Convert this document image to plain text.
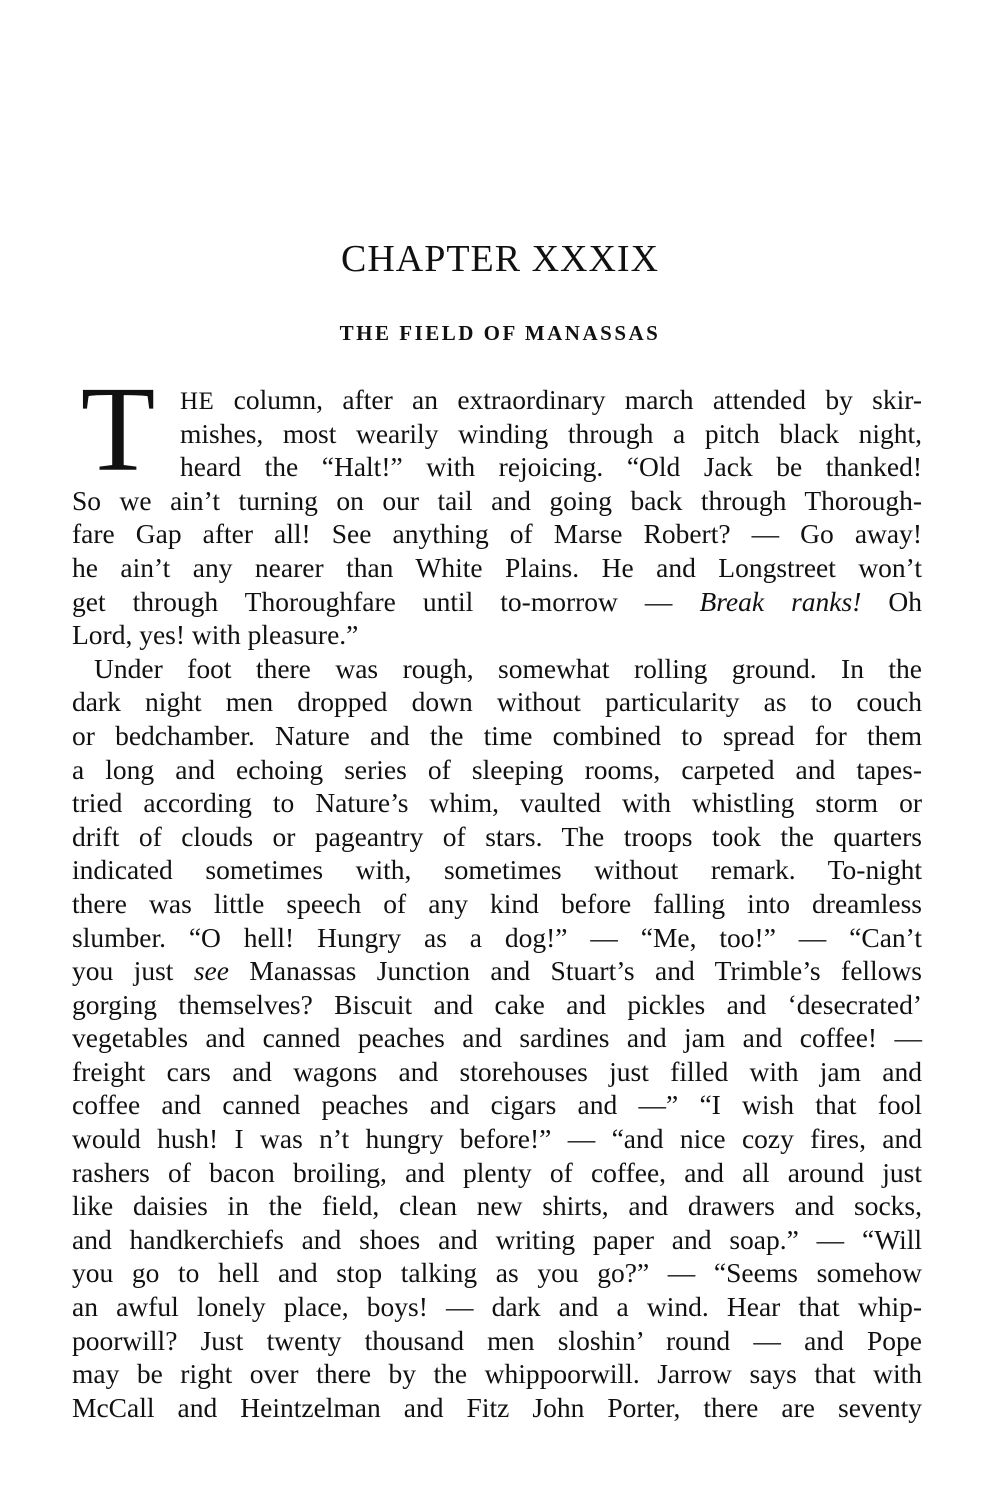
CHAPTER XXXIX
THE FIELD OF MANASSAS
T HE column, after an extraordinary march attended by skir-
mishes, most wearily winding through a pitch black night,
heard the “Halt!” with rejoicing. “Old Jack be thanked!
So we ain’t turning on our tail and going back through Thorough-
fare Gap after all! See anything of Marse Robert? — Go away!
he ain’t any nearer than White Plains. He and Longstreet won’t
get through Thoroughfare until to-morrow — Break ranks! Oh
Lord, yes! with pleasure.”
Under foot there was rough, somewhat rolling ground. In the
dark night men dropped down without particularity as to couch
or bedchamber. Nature and the time combined to spread for them
a long and echoing series of sleeping rooms, carpeted and tapes-
tried according to Nature’s whim, vaulted with whistling storm or
drift of clouds or pageantry of stars. The troops took the quarters
indicated sometimes with, sometimes without remark. To-night
there was little speech of any kind before falling into dreamless
slumber. “O hell! Hungry as a dog!” — “Me, too!” — “Can’t
you just see Manassas Junction and Stuart’s and Trimble’s fellows
gorging themselves? Biscuit and cake and pickles and ‘desecrated’
vegetables and canned peaches and sardines and jam and coffee! —
freight cars and wagons and storehouses just filled with jam and
coffee and canned peaches and cigars and —” “I wish that fool
would hush! I was n’t hungry before!” — “and nice cozy fires, and
rashers of bacon broiling, and plenty of coffee, and all around just
like daisies in the field, clean new shirts, and drawers and socks,
and handkerchiefs and shoes and writing paper and soap.” — “Will
you go to hell and stop talking as you go?” — “Seems somehow
an awful lonely place, boys! — dark and a wind. Hear that whip-
poorwill? Just twenty thousand men sloshin’ round — and Pope
may be right over there by the whippoorwill. Jarrow says that with
McCall and Heintzelman and Fitz John Porter, there are seventy
